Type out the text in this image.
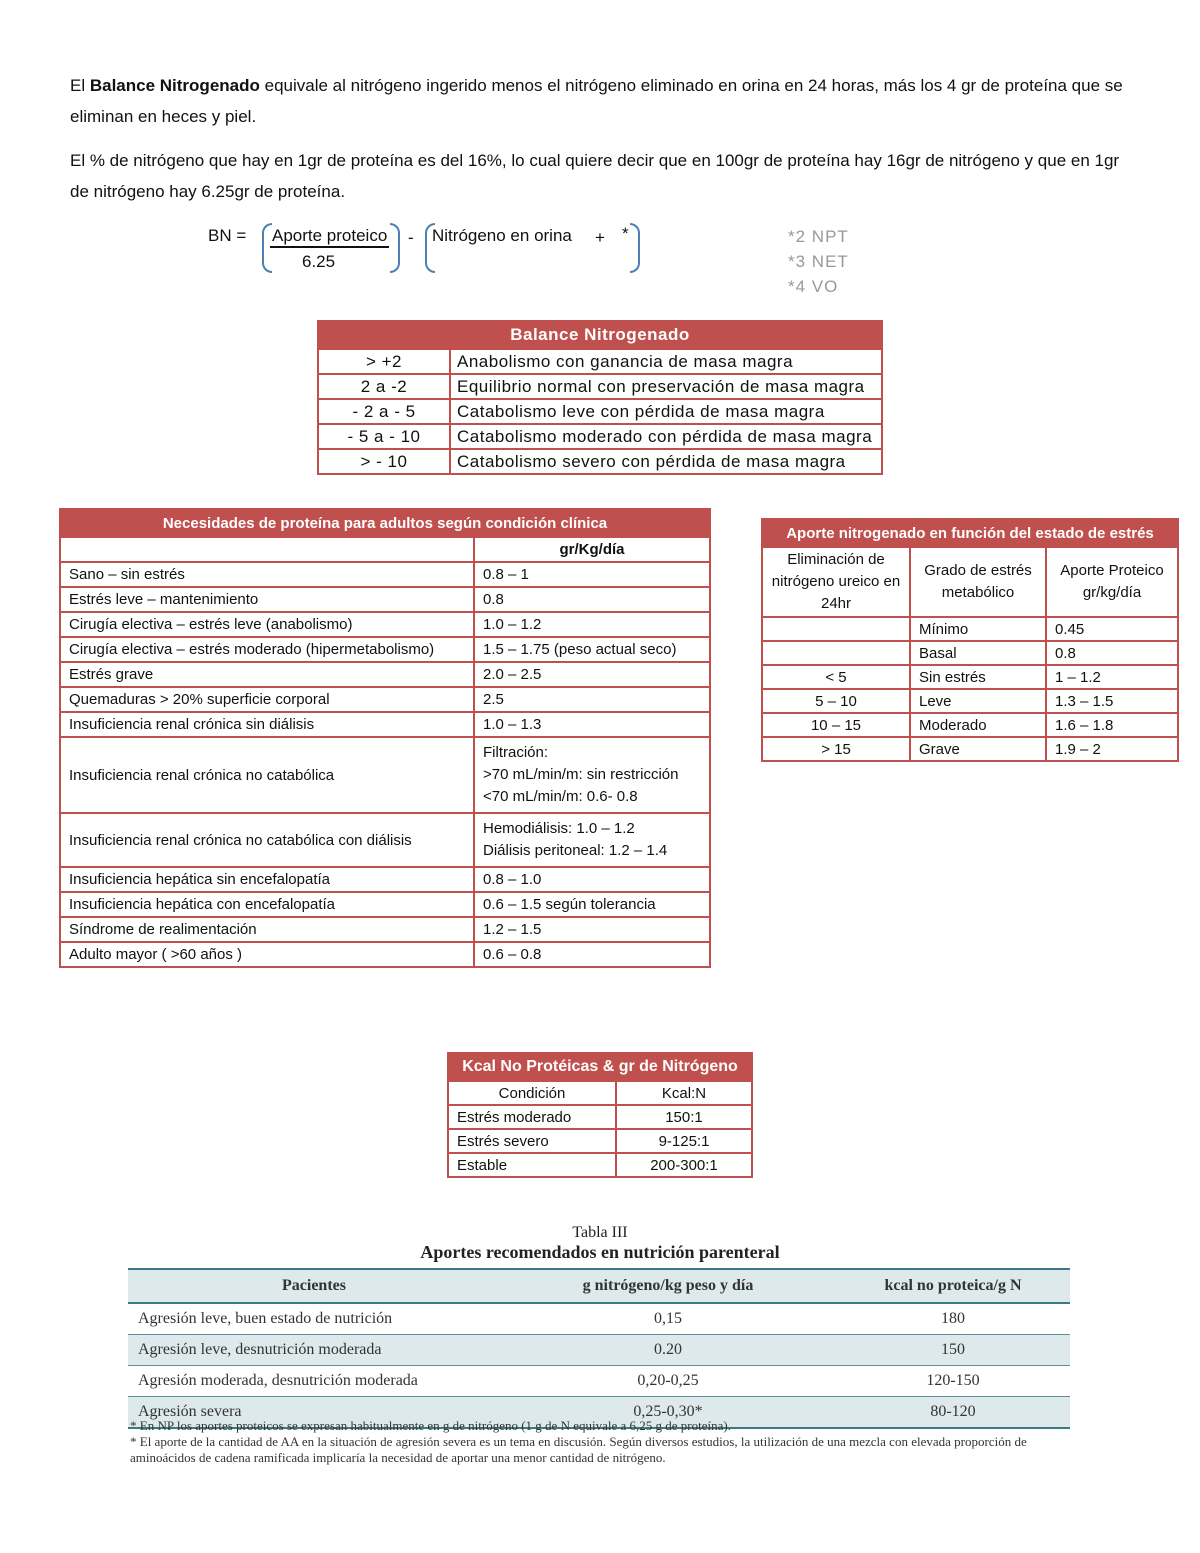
El Balance Nitrogenado equivale al nitrógeno ingerido menos el nitrógeno eliminado en orina en 24 horas, más los 4 gr de proteína que se eliminan en heces y piel.

El % de nitrógeno que hay en 1gr de proteína es del 16%, lo cual quiere decir que en 100gr de proteína hay 16gr de nitrógeno y que en 1gr de nitrógeno hay 6.25gr de proteína.

BN = Aporte proteico
6.25
- Nitrógeno en orina + *	*2 NPT
*3 NET
*4 VO
Balance Nitrogenado	
> +2	Anabolismo con ganancia de masa magra
2 a -2	Equilibrio normal con preservación de masa magra
- 2 a - 5	Catabolismo leve con pérdida de masa magra
- 5 a - 10	Catabolismo moderado con pérdida de masa magra
> - 10	Catabolismo severo con pérdida de masa magra
Necesidades de proteína para adultos según condición clínica	
	gr/Kg/día
Sano – sin estrés	0.8 – 1
Estrés leve – mantenimiento	0.8
Cirugía electiva – estrés leve (anabolismo)	1.0 – 1.2
Cirugía electiva – estrés moderado (hipermetabolismo)	1.5 – 1.75 (peso actual seco)
Estrés grave	2.0 – 2.5
Quemaduras > 20% superficie corporal	2.5
Insuficiencia renal crónica sin diálisis	1.0 – 1.3
Insuficiencia renal crónica no catabólica	Filtración:
>70 mL/min/m: sin restricción
<70 mL/min/m: 0.6- 0.8

Insuficiencia renal crónica no catabólica con diálisis	Hemodiálisis: 1.0 – 1.2
Diálisis peritoneal: 1.2 – 1.4

Insuficiencia hepática sin encefalopatía	0.8 – 1.0
Insuficiencia hepática con encefalopatía	0.6 – 1.5 según tolerancia
Síndrome de realimentación	1.2 – 1.5
Adulto mayor ( >60 años )	0.6 – 0.8
Aporte nitrogenado en función del estado de estrés		
Eliminación de nitrógeno ureico en 24hr	Grado de estrés metabólico	Aporte Proteico gr/kg/día
	Mínimo	0.45
	Basal	0.8
< 5	Sin estrés	1 – 1.2
5 – 10	Leve	1.3 – 1.5
10 – 15	Moderado	1.6 – 1.8
> 15	Grave	1.9 – 2
Kcal No Protéicas & gr de Nitrógeno	
Condición	Kcal:N
Estrés moderado	150:1
Estrés severo	9-125:1
Estable	200-300:1
Tabla III
Aportes recomendados en nutrición parenteral
Pacientes	g nitrógeno/kg peso y día	kcal no proteica/g N
Agresión leve, buen estado de nutrición	0,15	180
Agresión leve, desnutrición moderada	0.20	150
Agresión moderada, desnutrición moderada	0,20-0,25	120-150
Agresión severa	0,25-0,30*	80-120
* En NP los aportes proteicos se expresan habitualmente en g de nitrógeno (1 g de N equivale a 6,25 g de proteína).
* El aporte de la cantidad de AA en la situación de agresión severa es un tema en discusión. Según diversos estudios, la utilización de una mezcla con elevada proporción de aminoácidos de cadena ramificada implicaría la necesidad de aportar una menor cantidad de nitrógeno.
